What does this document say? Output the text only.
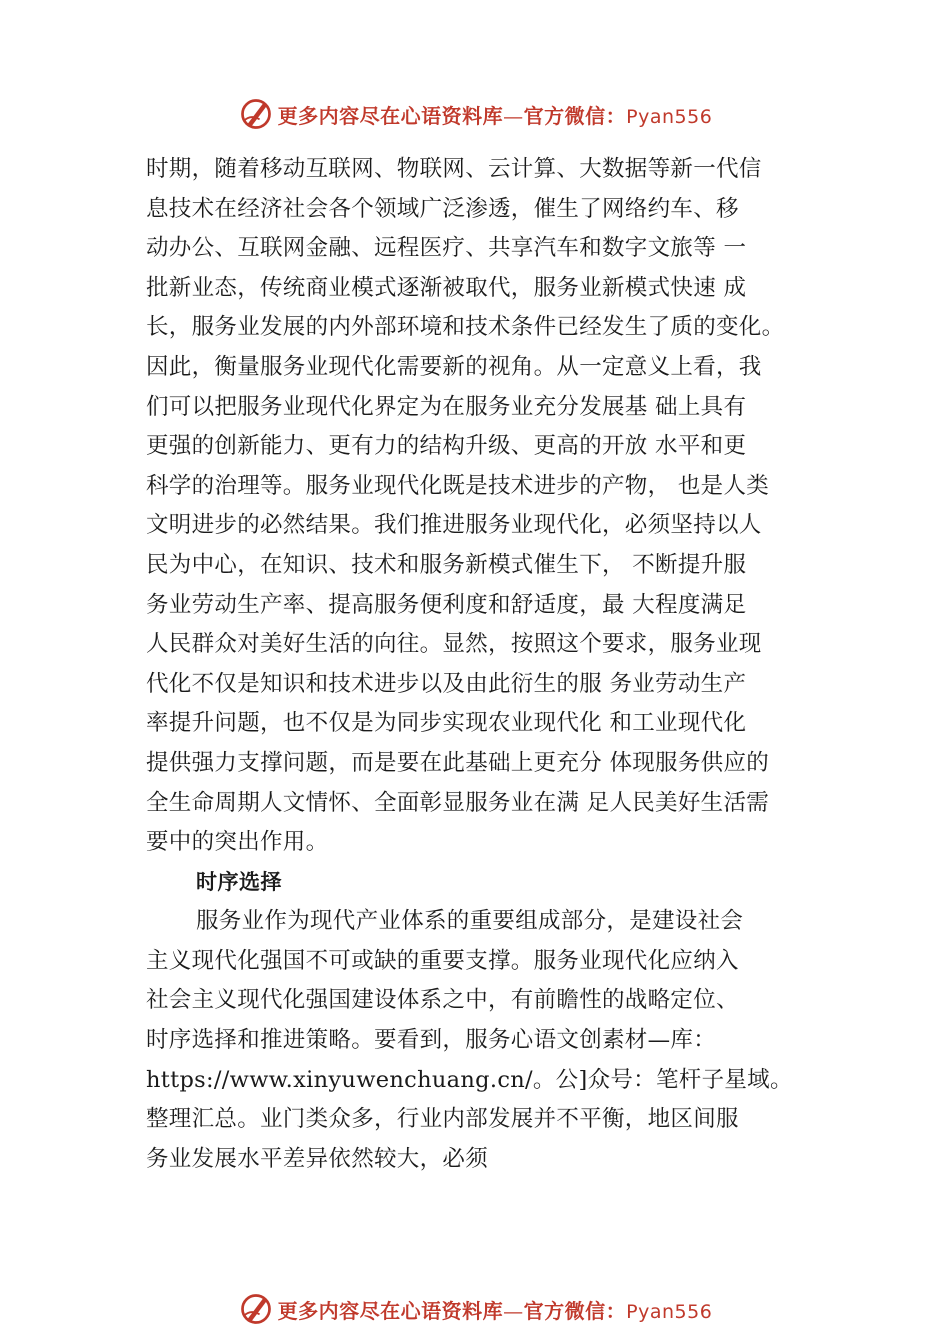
更多内容尽在心语资料库—官方微信：Pyan556
时期，随着移动互联网、物联网、云计算、大数据等新一代信
息技术在经济社会各个领域广泛渗透，催生了网络约车、移
动办公、互联网金融、远程医疗、共享汽车和数字文旅等 一
批新业态，传统商业模式逐渐被取代，服务业新模式快速 成
长，服务业发展的内外部环境和技术条件已经发生了质的变化。
因此，衡量服务业现代化需要新的视角。从一定意义上看，我
们可以把服务业现代化界定为在服务业充分发展基 础上具有
更强的创新能力、更有力的结构升级、更高的开放 水平和更
科学的治理等。服务业现代化既是技术进步的产物， 也是人类
文明进步的必然结果。我们推进服务业现代化，必须坚持以人
民为中心，在知识、技术和服务新模式催生下， 不断提升服
务业劳动生产率、提高服务便利度和舒适度，最 大程度满足
人民群众对美好生活的向往。显然，按照这个要求，服务业现
代化不仅是知识和技术进步以及由此衍生的服 务业劳动生产
率提升问题，也不仅是为同步实现农业现代化 和工业现代化
提供强力支撑问题，而是要在此基础上更充分 体现服务供应的
全生命周期人文情怀、全面彰显服务业在满 足人民美好生活需
要中的突出作用。
时序选择
服务业作为现代产业体系的重要组成部分，是建设社会
主义现代化强国不可或缺的重要支撑。服务业现代化应纳入
社会主义现代化强国建设体系之中，有前瞻性的战略定位、
时序选择和推进策略。要看到，服务心语文创素材—库：
https://www.xinyuwenchuang.cn/。公]众号：笔杆子星域。
整理汇总。业门类众多，行业内部发展并不平衡，地区间服
务业发展水平差异依然较大，必须
更多内容尽在心语资料库—官方微信：Pyan556
